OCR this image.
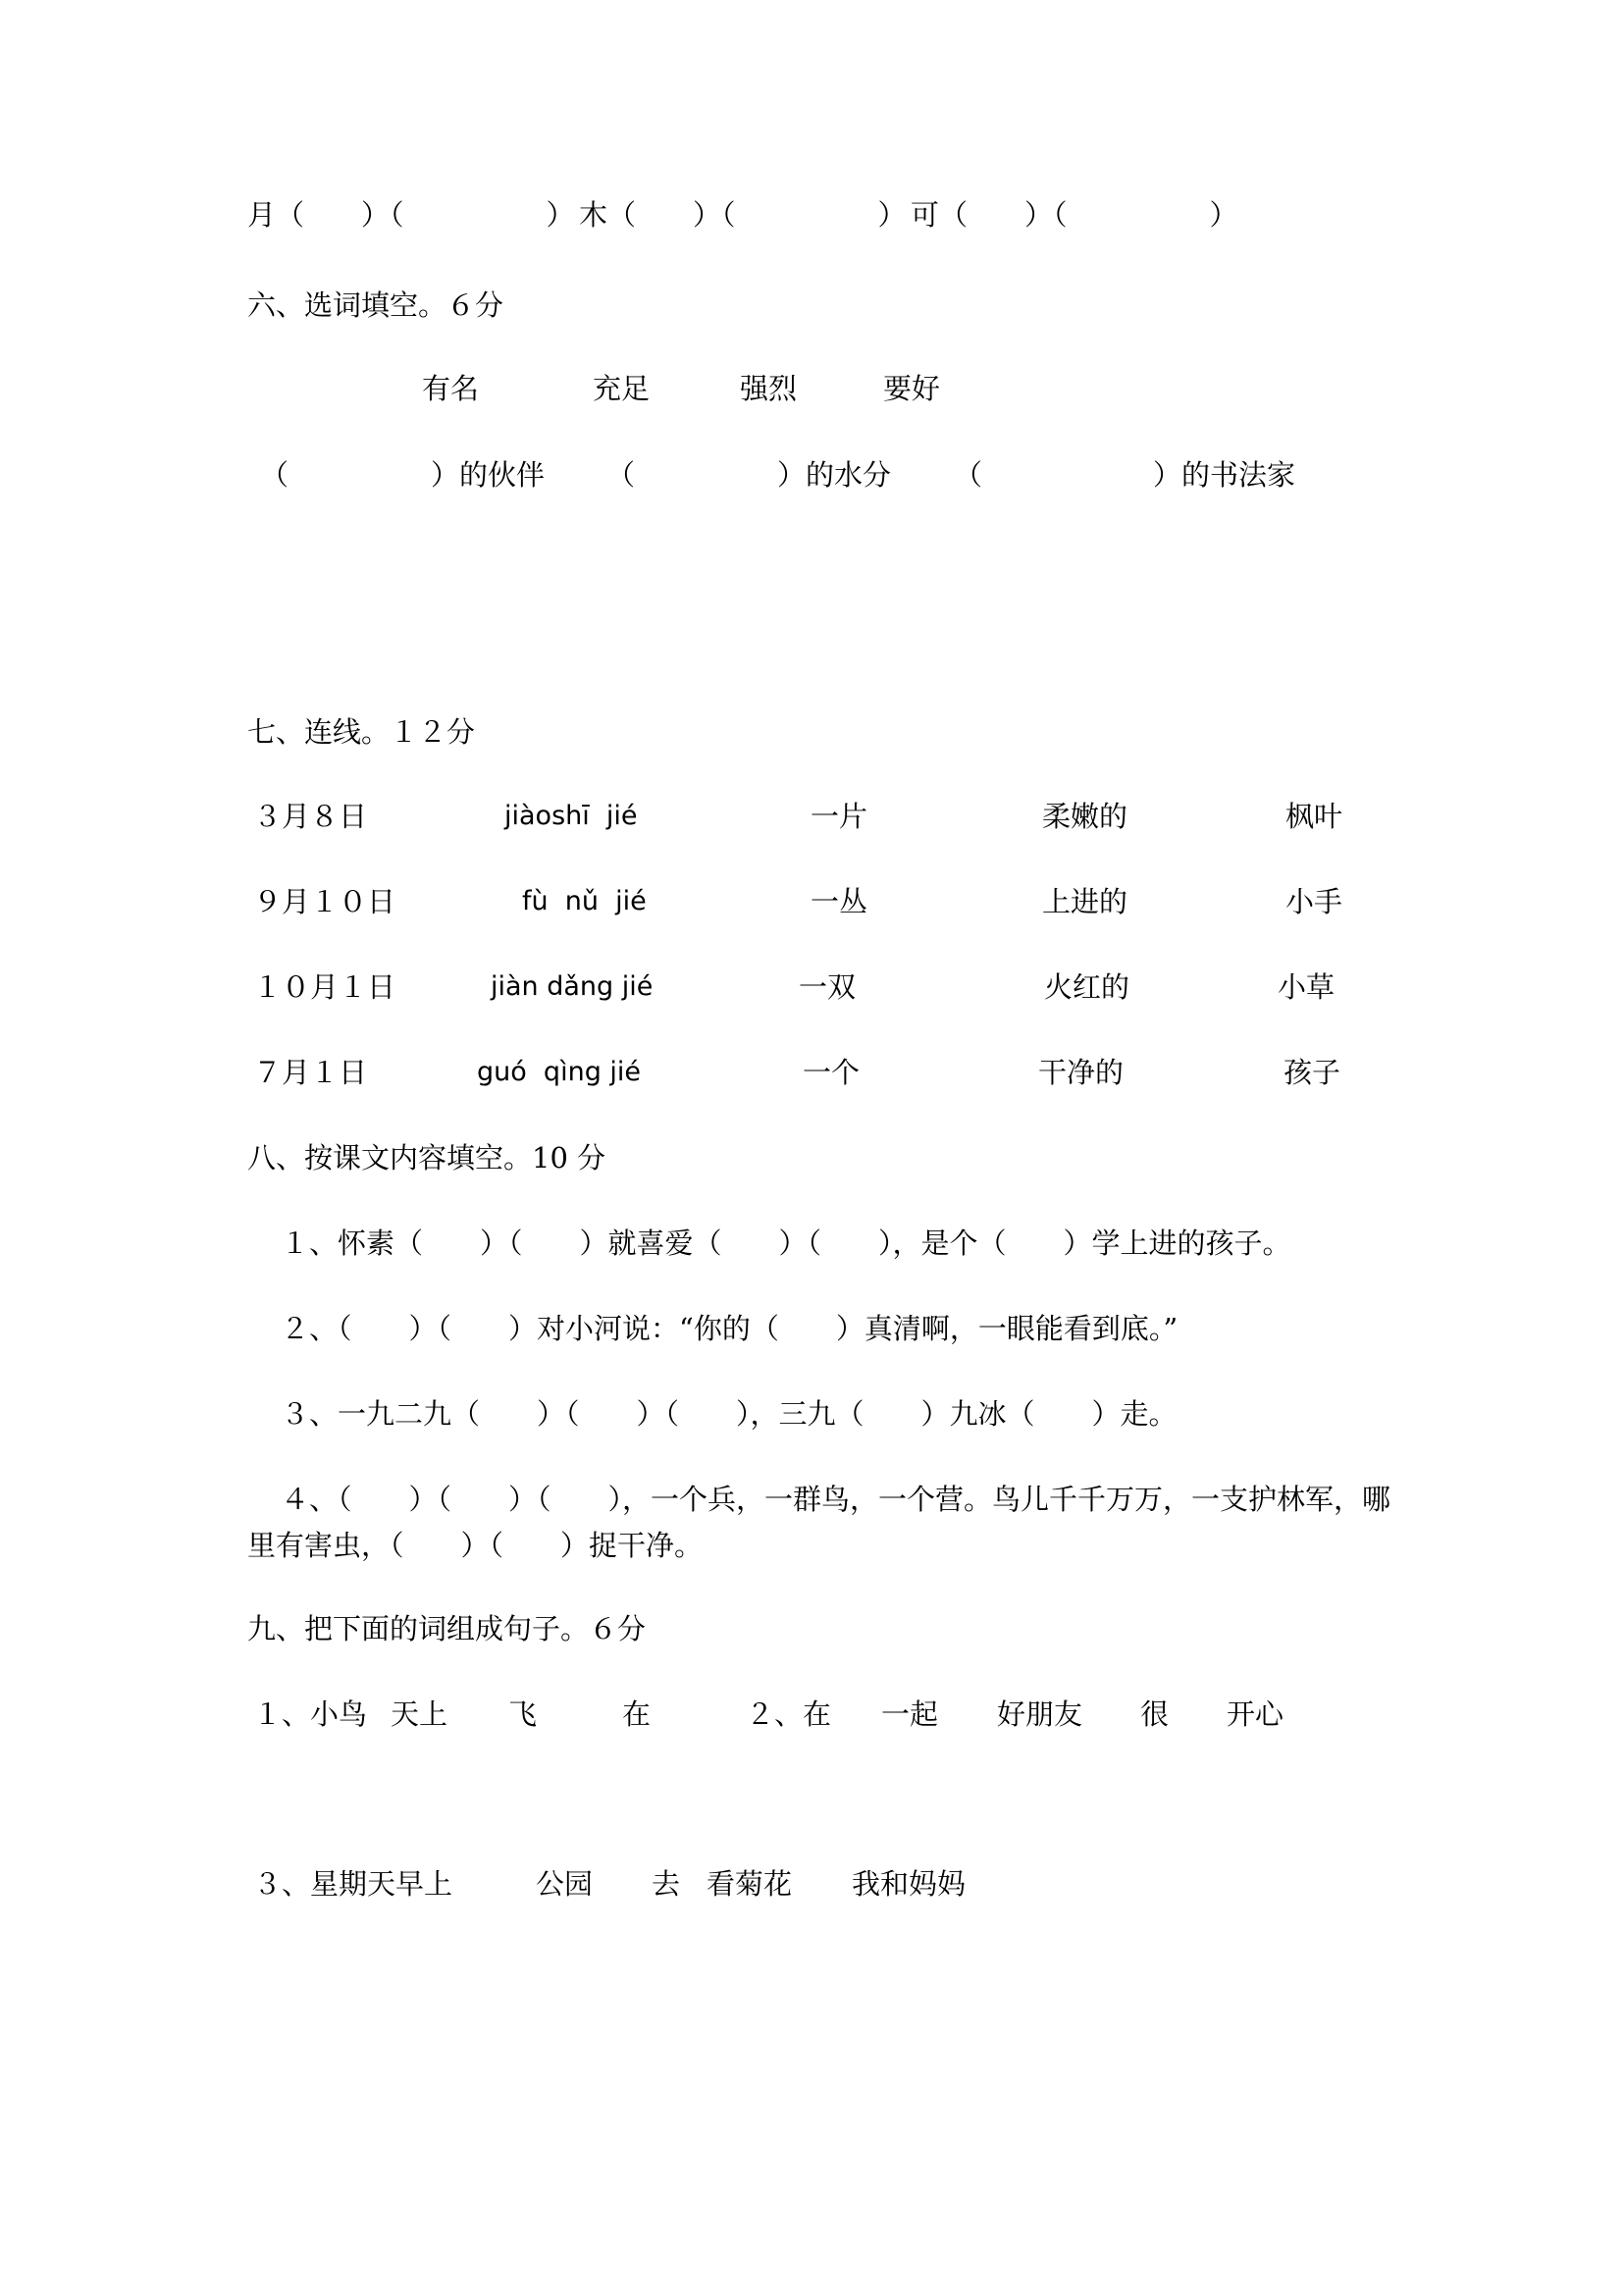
月（　　）（　　　　　） 木（　　）（　　　　　） 可（　　）（　　　　　）
六、选词填空。６分
有名	充足	强烈	要好
（　　　　　）的伙伴 （　　　　　）的水分 （　　　　　　）的书法家
七、连线。１２分
３月８日	jiàoshī  jié	一片	柔嫩的	枫叶
９月１０日	fù  nǔ  jié	一丛	上进的	小手
１０月１日	jiàn dǎng jié	一双	火红的	小草
７月１日	guó  qìng jié	一个	干净的	孩子
八、按课文内容填空。10 分
１、怀素（　　）（　　）就喜爱（　　）（　　），是个（　　）学上进的孩子。
２、（　　）（　　）对小河说：“你的（　　）真清啊，一眼能看到底。”
３、一九二九（　　）（　　）（　　），三九（　　）九冰（　　）走。
４、（　　）（　　）（　　），一个兵，一群鸟，一个营。鸟儿千千万万，一支护林军，哪
里有害虫，（　　）（　　）捉干净。
九、把下面的词组成句子。６分
１、小鸟 天上 飞	在	２、在 一起 好朋友 很 开心
３、星期天早上	公园 去 看菊花 我和妈妈
